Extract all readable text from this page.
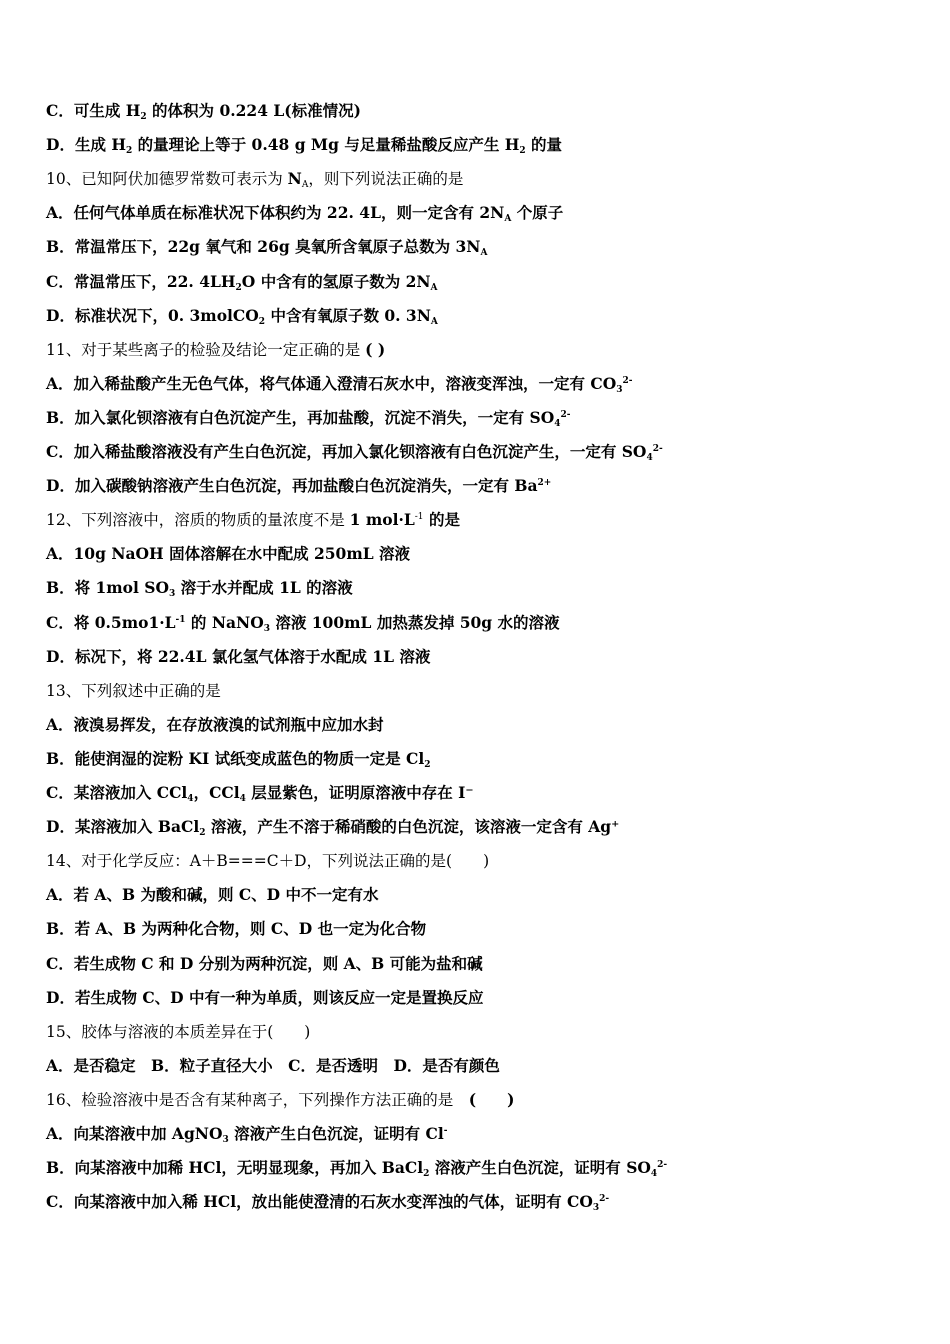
C．可生成 $H_2$ 的体积为 0.224 L(标准情况)
D．生成 $H_2$ 的量理论上等于 0.48 g Mg 与足量稀盐酸反应产生 $H_2$ 的量
10、已知阿伏加德罗常数可表示为 $N_A$，则下列说法正确的是
A．任何气体单质在标准状况下体积约为 22. 4L，则一定含有 $2N_A$ 个原子
B．常温常压下，22g 氧气和 26g 臭氧所含氧原子总数为 $3N_A$
C．常温常压下，22. $4LH_2O$ 中含有的氢原子数为 $2N_A$
D．标准状况下，0. 3molCO$_2$ 中含有氧原子数 0. $3N_A$
11、对于某些离子的检验及结论一定正确的是 ( )
A．加入稀盐酸产生无色气体，将气体通入澄清石灰水中，溶液变浑浊，一定有 $CO_3^{2-}$
B．加入氯化钡溶液有白色沉淀产生，再加盐酸，沉淀不消失，一定有 $SO_4^{2-}$
C．加入稀盐酸溶液没有产生白色沉淀，再加入氯化钡溶液有白色沉淀产生，一定有 $SO_4^{2-}$
D．加入碳酸钠溶液产生白色沉淀，再加盐酸白色沉淀消失，一定有 $Ba^{2+}$
12、下列溶液中，溶质的物质的量浓度不是 1 $mol\cdot L^{-1}$ 的是
A．10g NaOH 固体溶解在水中配成 250mL 溶液
B．将 1mol $SO_3$ 溶于水并配成 1L 的溶液
C．将 $0.5mo1\cdot L^{-1}$ 的 NaNO$_3$ 溶液 100mL 加热蒸发掉 50g 水的溶液
D．标况下，将 22.4L 氯化氢气体溶于水配成 1L 溶液
13、下列叙述中正确的是
A．液溴易挥发，在存放液溴的试剂瓶中应加水封
B．能使润湿的淀粉 KI 试纸变成蓝色的物质一定是 $Cl_2$
C．某溶液加入 CCl$_4$，CCl$_4$ 层显紫色，证明原溶液中存在 I⁻
D．某溶液加入 BaCl$_2$ 溶液，产生不溶于稀硝酸的白色沉淀，该溶液一定含有 Ag⁺
14、对于化学反应：A＋B===C＋D，下列说法正确的是(　　)
A．若 A、B 为酸和碱，则 C、D 中不一定有水
B．若 A、B 为两种化合物，则 C、D 也一定为化合物
C．若生成物 C 和 D 分别为两种沉淀，则 A、B 可能为盐和碱
D．若生成物 C、D 中有一种为单质，则该反应一定是置换反应
15、胶体与溶液的本质差异在于(　　)
A．是否稳定　B．粒子直径大小　C．是否透明　D．是否有颜色
16、检验溶液中是否含有某种离子，下列操作方法正确的是　(　　)
A．向某溶液中加 AgNO$_3$ 溶液产生白色沉淀，证明有 Cl-
B．向某溶液中加稀 HCl，无明显现象，再加入 BaCl$_2$ 溶液产生白色沉淀，证明有 $SO_4^{2-}$
C．向某溶液中加入稀 HCl，放出能使澄清的石灰水变浑浊的气体，证明有 $CO_3^{2-}$
